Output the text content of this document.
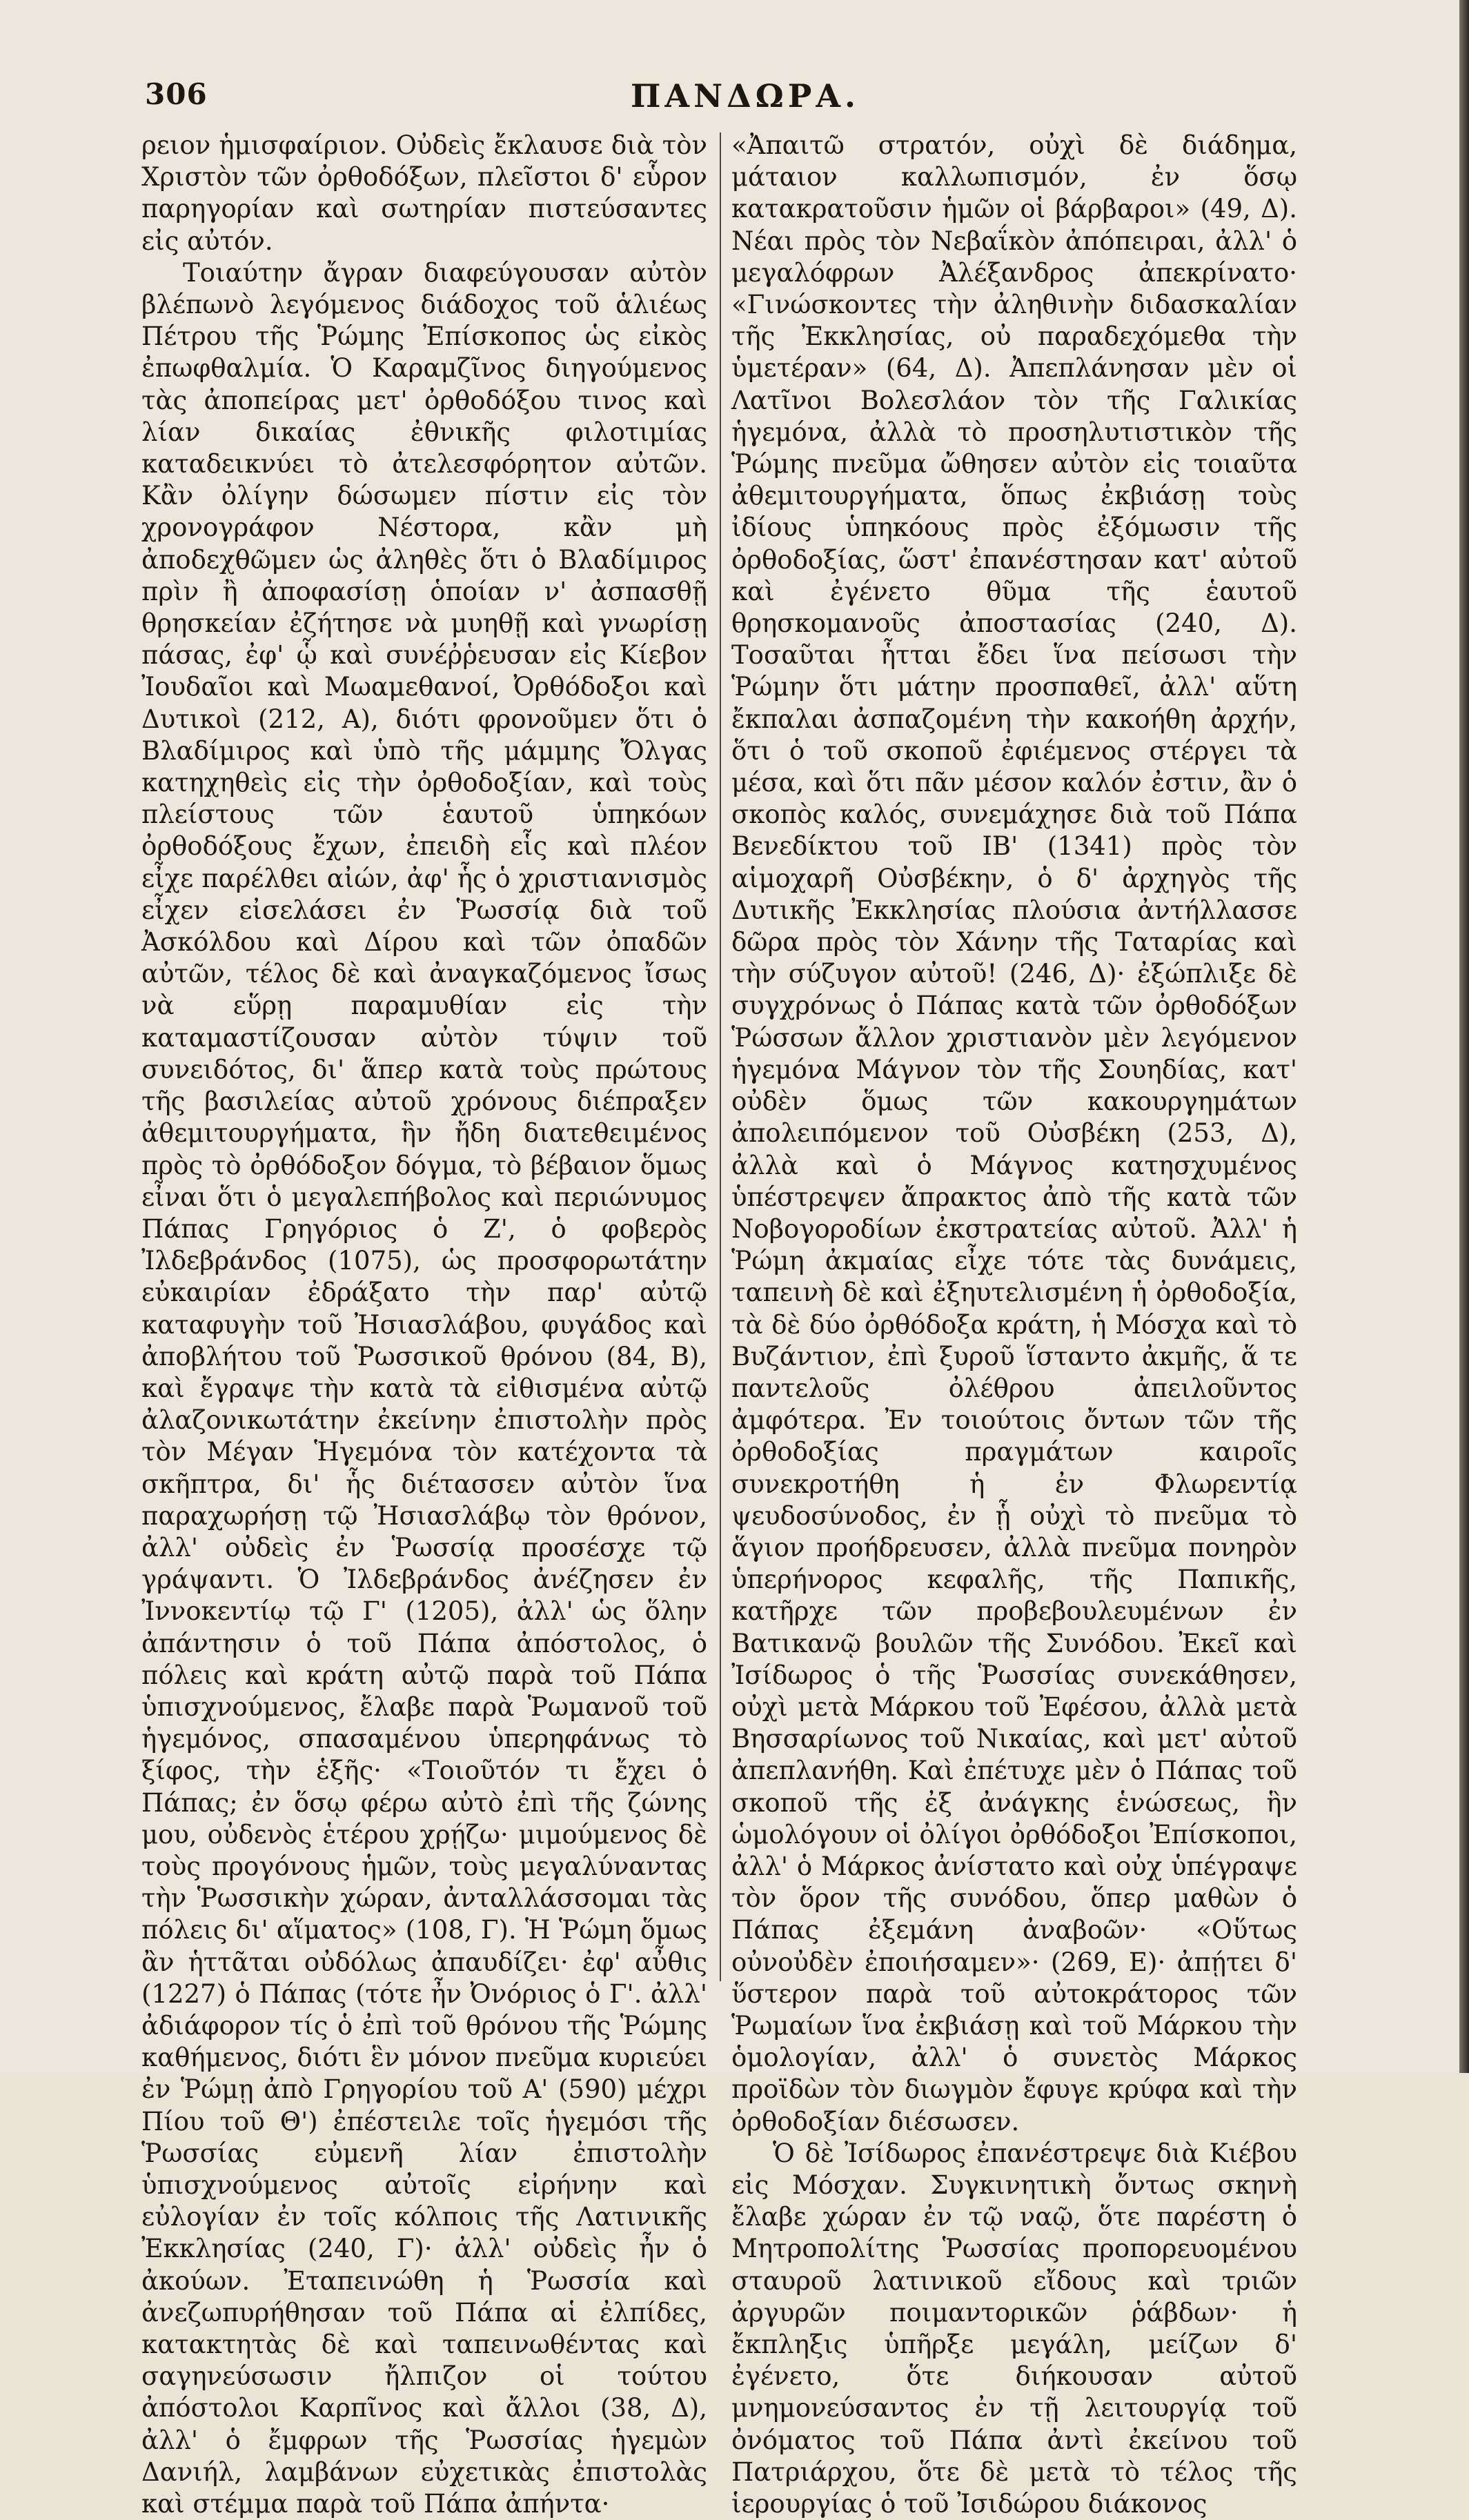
306	ΠΑΝΔΩΡΑ.

ρειον ἡμισφαίριον. Οὐδεὶς ἔκλαυσε διὰ τὸν Χριστὸν τῶν ὀρθοδόξων, πλεῖστοι δ' εὗρον παρηγορίαν καὶ σωτηρίαν πιστεύσαντες εἰς αὐτόν.

Τοιαύτην ἄγραν διαφεύγουσαν αὐτὸν βλέπωνὸ λεγόμενος διάδοχος τοῦ ἁλιέως Πέτρου τῆς Ῥώμης Ἐπίσκοπος ὡς εἰκὸς ἐπωφθαλμία. Ὁ Καραμζῖνος διηγούμενος τὰς ἀποπείρας μετ' ὀρθοδόξου τινος καὶ λίαν δικαίας ἐθνικῆς φιλοτιμίας καταδεικνύει τὸ ἀτελεσφόρητον αὐτῶν. Κἂν ὀλίγην δώσωμεν πίστιν εἰς τὸν χρονογράφον Νέστορα, κἂν μὴ ἀποδεχθῶμεν ὡς ἀληθὲς ὅτι ὁ Βλαδίμιρος πρὶν ἢ ἀποφασίσῃ ὁποίαν ν' ἀσπασθῇ θρησκείαν ἐζήτησε νὰ μυηθῇ καὶ γνωρίσῃ πάσας, ἐφ' ᾧ καὶ συνέῤῥευσαν εἰς Κίεβον Ἰουδαῖοι καὶ Μωαμεθανοί, Ὀρθόδοξοι καὶ Δυτικοὶ (212, Α), διότι φρονοῦμεν ὅτι ὁ Βλαδίμιρος καὶ ὑπὸ τῆς μάμμης Ὄλγας κατηχηθεὶς εἰς τὴν ὀρθοδοξίαν, καὶ τοὺς πλείστους τῶν ἑαυτοῦ ὑπηκόων ὀρθοδόξους ἔχων, ἐπειδὴ εἷς καὶ πλέον εἶχε παρέλθει αἰών, ἀφ' ἧς ὁ χριστιανισμὸς εἶχεν εἰσελάσει ἐν Ῥωσσίᾳ διὰ τοῦ Ἀσκόλδου καὶ Δίρου καὶ τῶν ὀπαδῶν αὐτῶν, τέλος δὲ καὶ ἀναγκαζόμενος ἴσως νὰ εὕρῃ παραμυθίαν εἰς τὴν καταμαστίζουσαν αὐτὸν τύψιν τοῦ συνειδότος, δι' ἅπερ κατὰ τοὺς πρώτους τῆς βασιλείας αὐτοῦ χρόνους διέπραξεν ἀθεμιτουργήματα, ἣν ἤδη διατεθειμένος πρὸς τὸ ὀρθόδοξον δόγμα, τὸ βέβαιον ὅμως εἶναι ὅτι ὁ μεγαλεπήβολος καὶ περιώνυμος Πάπας Γρηγόριος ὁ Ζ', ὁ φοβερὸς Ἰλδεβράνδος (1075), ὡς προσφορωτάτην εὐκαιρίαν ἐδράξατο τὴν παρ' αὐτῷ καταφυγὴν τοῦ Ἠσιασλάβου, φυγάδος καὶ ἀποβλήτου τοῦ Ῥωσσικοῦ θρόνου (84, Β), καὶ ἔγραψε τὴν κατὰ τὰ εἰθισμένα αὐτῷ ἀλαζονικωτάτην ἐκείνην ἐπιστολὴν πρὸς τὸν Μέγαν Ἡγεμόνα τὸν κατέχοντα τὰ σκῆπτρα, δι' ἧς διέτασσεν αὐτὸν ἵνα παραχωρήσῃ τῷ Ἠσιασλάβῳ τὸν θρόνον, ἀλλ' οὐδεὶς ἐν Ῥωσσίᾳ προσέσχε τῷ γράψαντι. Ὁ Ἰλδεβράνδος ἀνέζησεν ἐν Ἰννοκεντίῳ τῷ Γ' (1205), ἀλλ' ὡς ὅλην ἀπάντησιν ὁ τοῦ Πάπα ἀπόστολος, ὁ πόλεις καὶ κράτη αὐτῷ παρὰ τοῦ Πάπα ὑπισχνούμενος, ἔλαβε παρὰ Ῥωμανοῦ τοῦ ἡγεμόνος, σπασαμένου ὑπερηφάνως τὸ ξίφος, τὴν ἑξῆς· «Τοιοῦτόν τι ἔχει ὁ Πάπας; ἐν ὅσῳ φέρω αὐτὸ ἐπὶ τῆς ζώνης μου, οὐδενὸς ἑτέρου χρῄζω· μιμούμενος δὲ τοὺς προγόνους ἡμῶν, τοὺς μεγαλύναντας τὴν Ῥωσσικὴν χώραν, ἀνταλλάσσομαι τὰς πόλεις δι' αἵματος» (108, Γ). Ἡ Ῥώμη ὅμως ἂν ἡττᾶται οὐδόλως ἀπαυδίζει· ἐφ' αὖθις (1227) ὁ Πάπας (τότε ἦν Ὀνόριος ὁ Γ'. ἀλλ' ἀδιάφορον τίς ὁ ἐπὶ τοῦ θρόνου τῆς Ῥώμης καθήμενος, διότι ἓν μόνον πνεῦμα κυριεύει ἐν Ῥώμῃ ἀπὸ Γρηγορίου τοῦ Α' (590) μέχρι Πίου τοῦ Θ') ἐπέστειλε τοῖς ἡγεμόσι τῆς Ῥωσσίας εὐμενῆ λίαν ἐπιστολὴν ὑπισχνούμενος αὐτοῖς εἰρήνην καὶ εὐλογίαν ἐν τοῖς κόλποις τῆς Λατινικῆς Ἐκκλησίας (240, Γ)· ἀλλ' οὐδεὶς ἦν ὁ ἀκούων. Ἐταπεινώθη ἡ Ῥωσσία καὶ ἀνεζωπυρήθησαν τοῦ Πάπα αἱ ἐλπίδες, κατακτητὰς δὲ καὶ ταπεινωθέντας καὶ σαγηνεύσωσιν ἤλπιζον οἱ τούτου ἀπόστολοι Καρπῖνος καὶ ἄλλοι (38, Δ), ἀλλ' ὁ ἔμφρων τῆς Ῥωσσίας ἡγεμὼν Δανιήλ, λαμβάνων εὐχετικὰς ἐπιστολὰς καὶ στέμμα παρὰ τοῦ Πάπα ἀπήντα·

«Ἀπαιτῶ στρατόν, οὐχὶ δὲ διάδημα, μάταιον καλλωπισμόν, ἐν ὅσῳ κατακρατοῦσιν ἡμῶν οἱ βάρβαροι» (49, Δ). Νέαι πρὸς τὸν Νεβαΐκὸν ἀπόπειραι, ἀλλ' ὁ μεγαλόφρων Ἀλέξανδρος ἀπεκρίνατο· «Γινώσκοντες τὴν ἀληθινὴν διδασκαλίαν τῆς Ἐκκλησίας, οὐ παραδεχόμεθα τὴν ὑμετέραν» (64, Δ). Ἀπεπλάνησαν μὲν οἱ Λατῖνοι Βολεσλάον τὸν τῆς Γαλικίας ἡγεμόνα, ἀλλὰ τὸ προσηλυτιστικὸν τῆς Ῥώμης πνεῦμα ὤθησεν αὐτὸν εἰς τοιαῦτα ἀθεμιτουργήματα, ὅπως ἐκβιάσῃ τοὺς ἰδίους ὑπηκόους πρὸς ἐξόμωσιν τῆς ὀρθοδοξίας, ὥστ' ἐπανέστησαν κατ' αὐτοῦ καὶ ἐγένετο θῦμα τῆς ἑαυτοῦ θρησκομανοῦς ἀποστασίας (240, Δ). Τοσαῦται ἧτται ἔδει ἵνα πείσωσι τὴν Ῥώμην ὅτι μάτην προσπαθεῖ, ἀλλ' αὕτη ἔκπαλαι ἀσπαζομένη τὴν κακοήθη ἀρχήν, ὅτι ὁ τοῦ σκοποῦ ἐφιέμενος στέργει τὰ μέσα, καὶ ὅτι πᾶν μέσον καλόν ἐστιν, ἂν ὁ σκοπὸς καλός, συνεμάχησε διὰ τοῦ Πάπα Βενεδίκτου τοῦ ΙΒ' (1341) πρὸς τὸν αἱμοχαρῆ Οὐσβέκην, ὁ δ' ἀρχηγὸς τῆς Δυτικῆς Ἐκκλησίας πλούσια ἀντήλλασσε δῶρα πρὸς τὸν Χάνην τῆς Ταταρίας καὶ τὴν σύζυγον αὐτοῦ! (246, Δ)· ἐξώπλιξε δὲ συγχρόνως ὁ Πάπας κατὰ τῶν ὀρθοδόξων Ῥώσσων ἄλλον χριστιανὸν μὲν λεγόμενον ἡγεμόνα Μάγνον τὸν τῆς Σουηδίας, κατ' οὐδὲν ὅμως τῶν κακουργημάτων ἀπολειπόμενον τοῦ Οὐσβέκη (253, Δ), ἀλλὰ καὶ ὁ Μάγνος κατησχυμένος ὑπέστρεψεν ἄπρακτος ἀπὸ τῆς κατὰ τῶν Νοβογοροδίων ἐκστρατείας αὐτοῦ. Ἀλλ' ἡ Ῥώμη ἀκμαίας εἶχε τότε τὰς δυνάμεις, ταπεινὴ δὲ καὶ ἐξηυτελισμένη ἡ ὀρθοδοξία, τὰ δὲ δύο ὀρθόδοξα κράτη, ἡ Μόσχα καὶ τὸ Βυζάντιον, ἐπὶ ξυροῦ ἵσταντο ἀκμῆς, ἅ τε παντελοῦς ὀλέθρου ἀπειλοῦντος ἀμφότερα. Ἐν τοιούτοις ὄντων τῶν τῆς ὀρθοδοξίας πραγμάτων καιροῖς συνεκροτήθη ἡ ἐν Φλωρεντίᾳ ψευδοσύνοδος, ἐν ᾗ οὐχὶ τὸ πνεῦμα τὸ ἅγιον προήδρευσεν, ἀλλὰ πνεῦμα πονηρὸν ὑπερήνορος κεφαλῆς, τῆς Παπικῆς, κατῆρχε τῶν προβεβουλευμένων ἐν Βατικανῷ βουλῶν τῆς Συνόδου. Ἐκεῖ καὶ Ἰσίδωρος ὁ τῆς Ῥωσσίας συνεκάθησεν, οὐχὶ μετὰ Μάρκου τοῦ Ἐφέσου, ἀλλὰ μετὰ Βησσαρίωνος τοῦ Νικαίας, καὶ μετ' αὐτοῦ ἀπεπλανήθη. Καὶ ἐπέτυχε μὲν ὁ Πάπας τοῦ σκοποῦ τῆς ἐξ ἀνάγκης ἑνώσεως, ἣν ὡμολόγουν οἱ ὀλίγοι ὀρθόδοξοι Ἐπίσκοποι, ἀλλ' ὁ Μάρκος ἀνίστατο καὶ οὐχ ὑπέγραψε τὸν ὅρον τῆς συνόδου, ὅπερ μαθὼν ὁ Πάπας ἐξεμάνη ἀναβοῶν· «Οὕτως οὐνοὐδὲν ἐποιήσαμεν»· (269, Ε)· ἀπῄτει δ' ὕστερον παρὰ τοῦ αὐτοκράτορος τῶν Ῥωμαίων ἵνα ἐκβιάσῃ καὶ τοῦ Μάρκου τὴν ὁμολογίαν, ἀλλ' ὁ συνετὸς Μάρκος προϊδὼν τὸν διωγμὸν ἔφυγε κρύφα καὶ τὴν ὀρθοδοξίαν διέσωσεν.

Ὁ δὲ Ἰσίδωρος ἐπανέστρεψε διὰ Κιέβου εἰς Μόσχαν. Συγκινητικὴ ὄντως σκηνὴ ἔλαβε χώραν ἐν τῷ ναῷ, ὅτε παρέστη ὁ Μητροπολίτης Ῥωσσίας προπορευομένου σταυροῦ λατινικοῦ εἴδους καὶ τριῶν ἀργυρῶν ποιμαντορικῶν ῥάβδων· ἡ ἔκπληξις ὑπῆρξε μεγάλη, μείζων δ' ἐγένετο, ὅτε διήκουσαν αὐτοῦ μνημονεύσαντος ἐν τῇ λειτουργίᾳ τοῦ ὀνόματος τοῦ Πάπα ἀντὶ ἐκείνου τοῦ Πατριάρχου, ὅτε δὲ μετὰ τὸ τέλος τῆς ἱερουργίας ὁ τοῦ Ἰσιδώρου διάκονος
